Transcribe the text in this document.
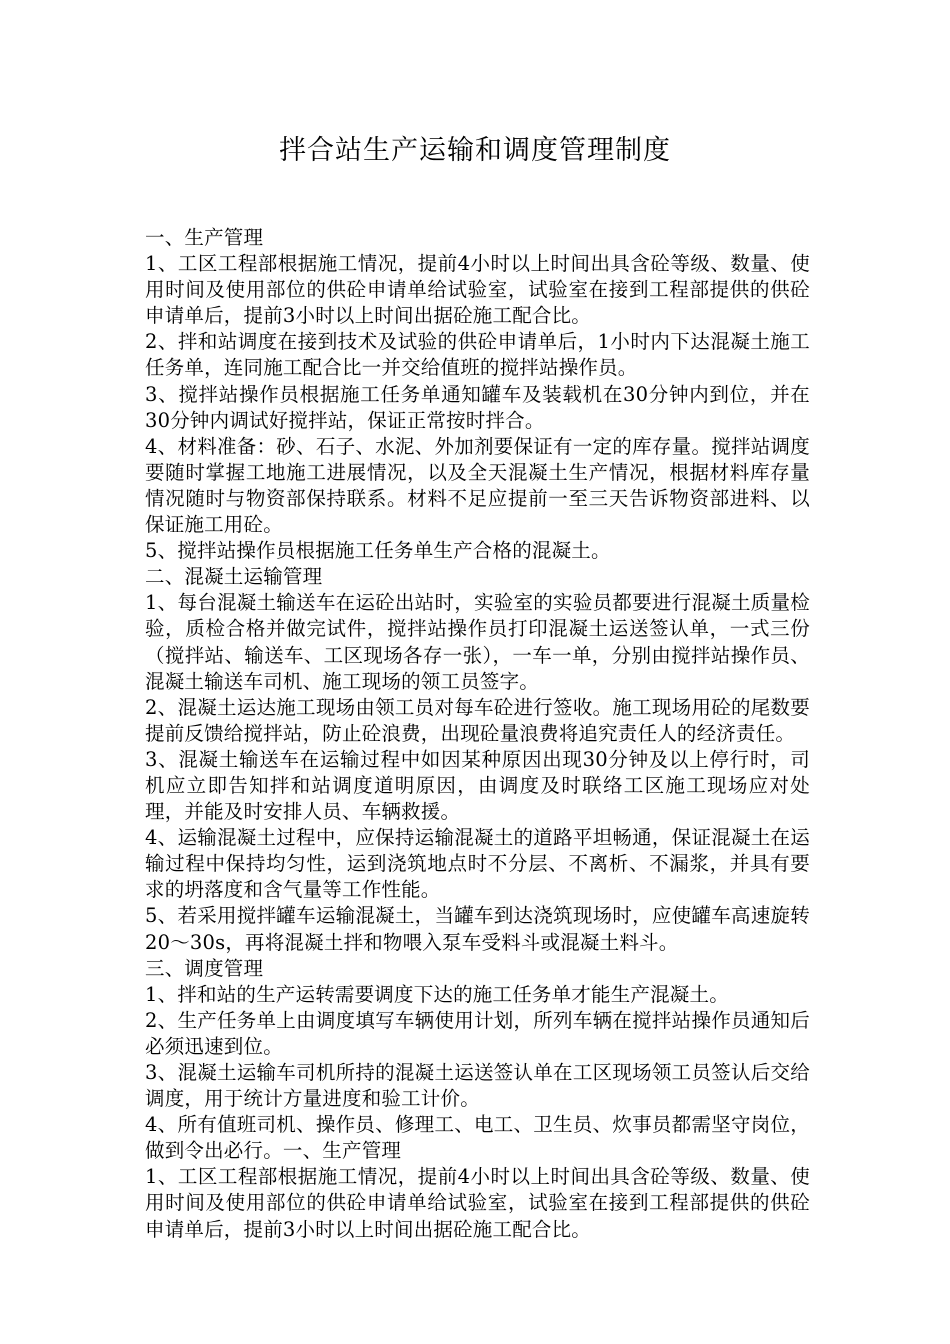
拌合站生产运输和调度管理制度

一、生产管理

1、工区工程部根据施工情况，提前4小时以上时间出具含砼等级、数量、使用时间及使用部位的供砼申请单给试验室，试验室在接到工程部提供的供砼申请单后，提前3小时以上时间出据砼施工配合比。

2、拌和站调度在接到技术及试验的供砼申请单后，1小时内下达混凝土施工任务单，连同施工配合比一并交给值班的搅拌站操作员。

3、搅拌站操作员根据施工任务单通知罐车及装载机在30分钟内到位，并在30分钟内调试好搅拌站，保证正常按时拌合。

4、材料准备：砂、石子、水泥、外加剂要保证有一定的库存量。搅拌站调度要随时掌握工地施工进展情况，以及全天混凝土生产情况，根据材料库存量情况随时与物资部保持联系。材料不足应提前一至三天告诉物资部进料、以保证施工用砼。

5、搅拌站操作员根据施工任务单生产合格的混凝土。

二、混凝土运输管理

1、每台混凝土输送车在运砼出站时，实验室的实验员都要进行混凝土质量检验，质检合格并做完试件，搅拌站操作员打印混凝土运送签认单，一式三份（搅拌站、输送车、工区现场各存一张），一车一单，分别由搅拌站操作员、混凝土输送车司机、施工现场的领工员签字。

2、混凝土运达施工现场由领工员对每车砼进行签收。施工现场用砼的尾数要提前反馈给搅拌站，防止砼浪费，出现砼量浪费将追究责任人的经济责任。

3、混凝土输送车在运输过程中如因某种原因出现30分钟及以上停行时，司机应立即告知拌和站调度道明原因，由调度及时联络工区施工现场应对处理，并能及时安排人员、车辆救援。

4、运输混凝土过程中，应保持运输混凝土的道路平坦畅通，保证混凝土在运输过程中保持均匀性，运到浇筑地点时不分层、不离析、不漏浆，并具有要求的坍落度和含气量等工作性能。

5、若采用搅拌罐车运输混凝土，当罐车到达浇筑现场时，应使罐车高速旋转20～30s，再将混凝土拌和物喂入泵车受料斗或混凝土料斗。

三、调度管理

1、拌和站的生产运转需要调度下达的施工任务单才能生产混凝土。

2、生产任务单上由调度填写车辆使用计划，所列车辆在搅拌站操作员通知后必须迅速到位。

3、混凝土运输车司机所持的混凝土运送签认单在工区现场领工员签认后交给调度，用于统计方量进度和验工计价。

4、所有值班司机、操作员、修理工、电工、卫生员、炊事员都需坚守岗位，做到令出必行。一、生产管理

1、工区工程部根据施工情况，提前4小时以上时间出具含砼等级、数量、使用时间及使用部位的供砼申请单给试验室，试验室在接到工程部提供的供砼申请单后，提前3小时以上时间出据砼施工配合比。
